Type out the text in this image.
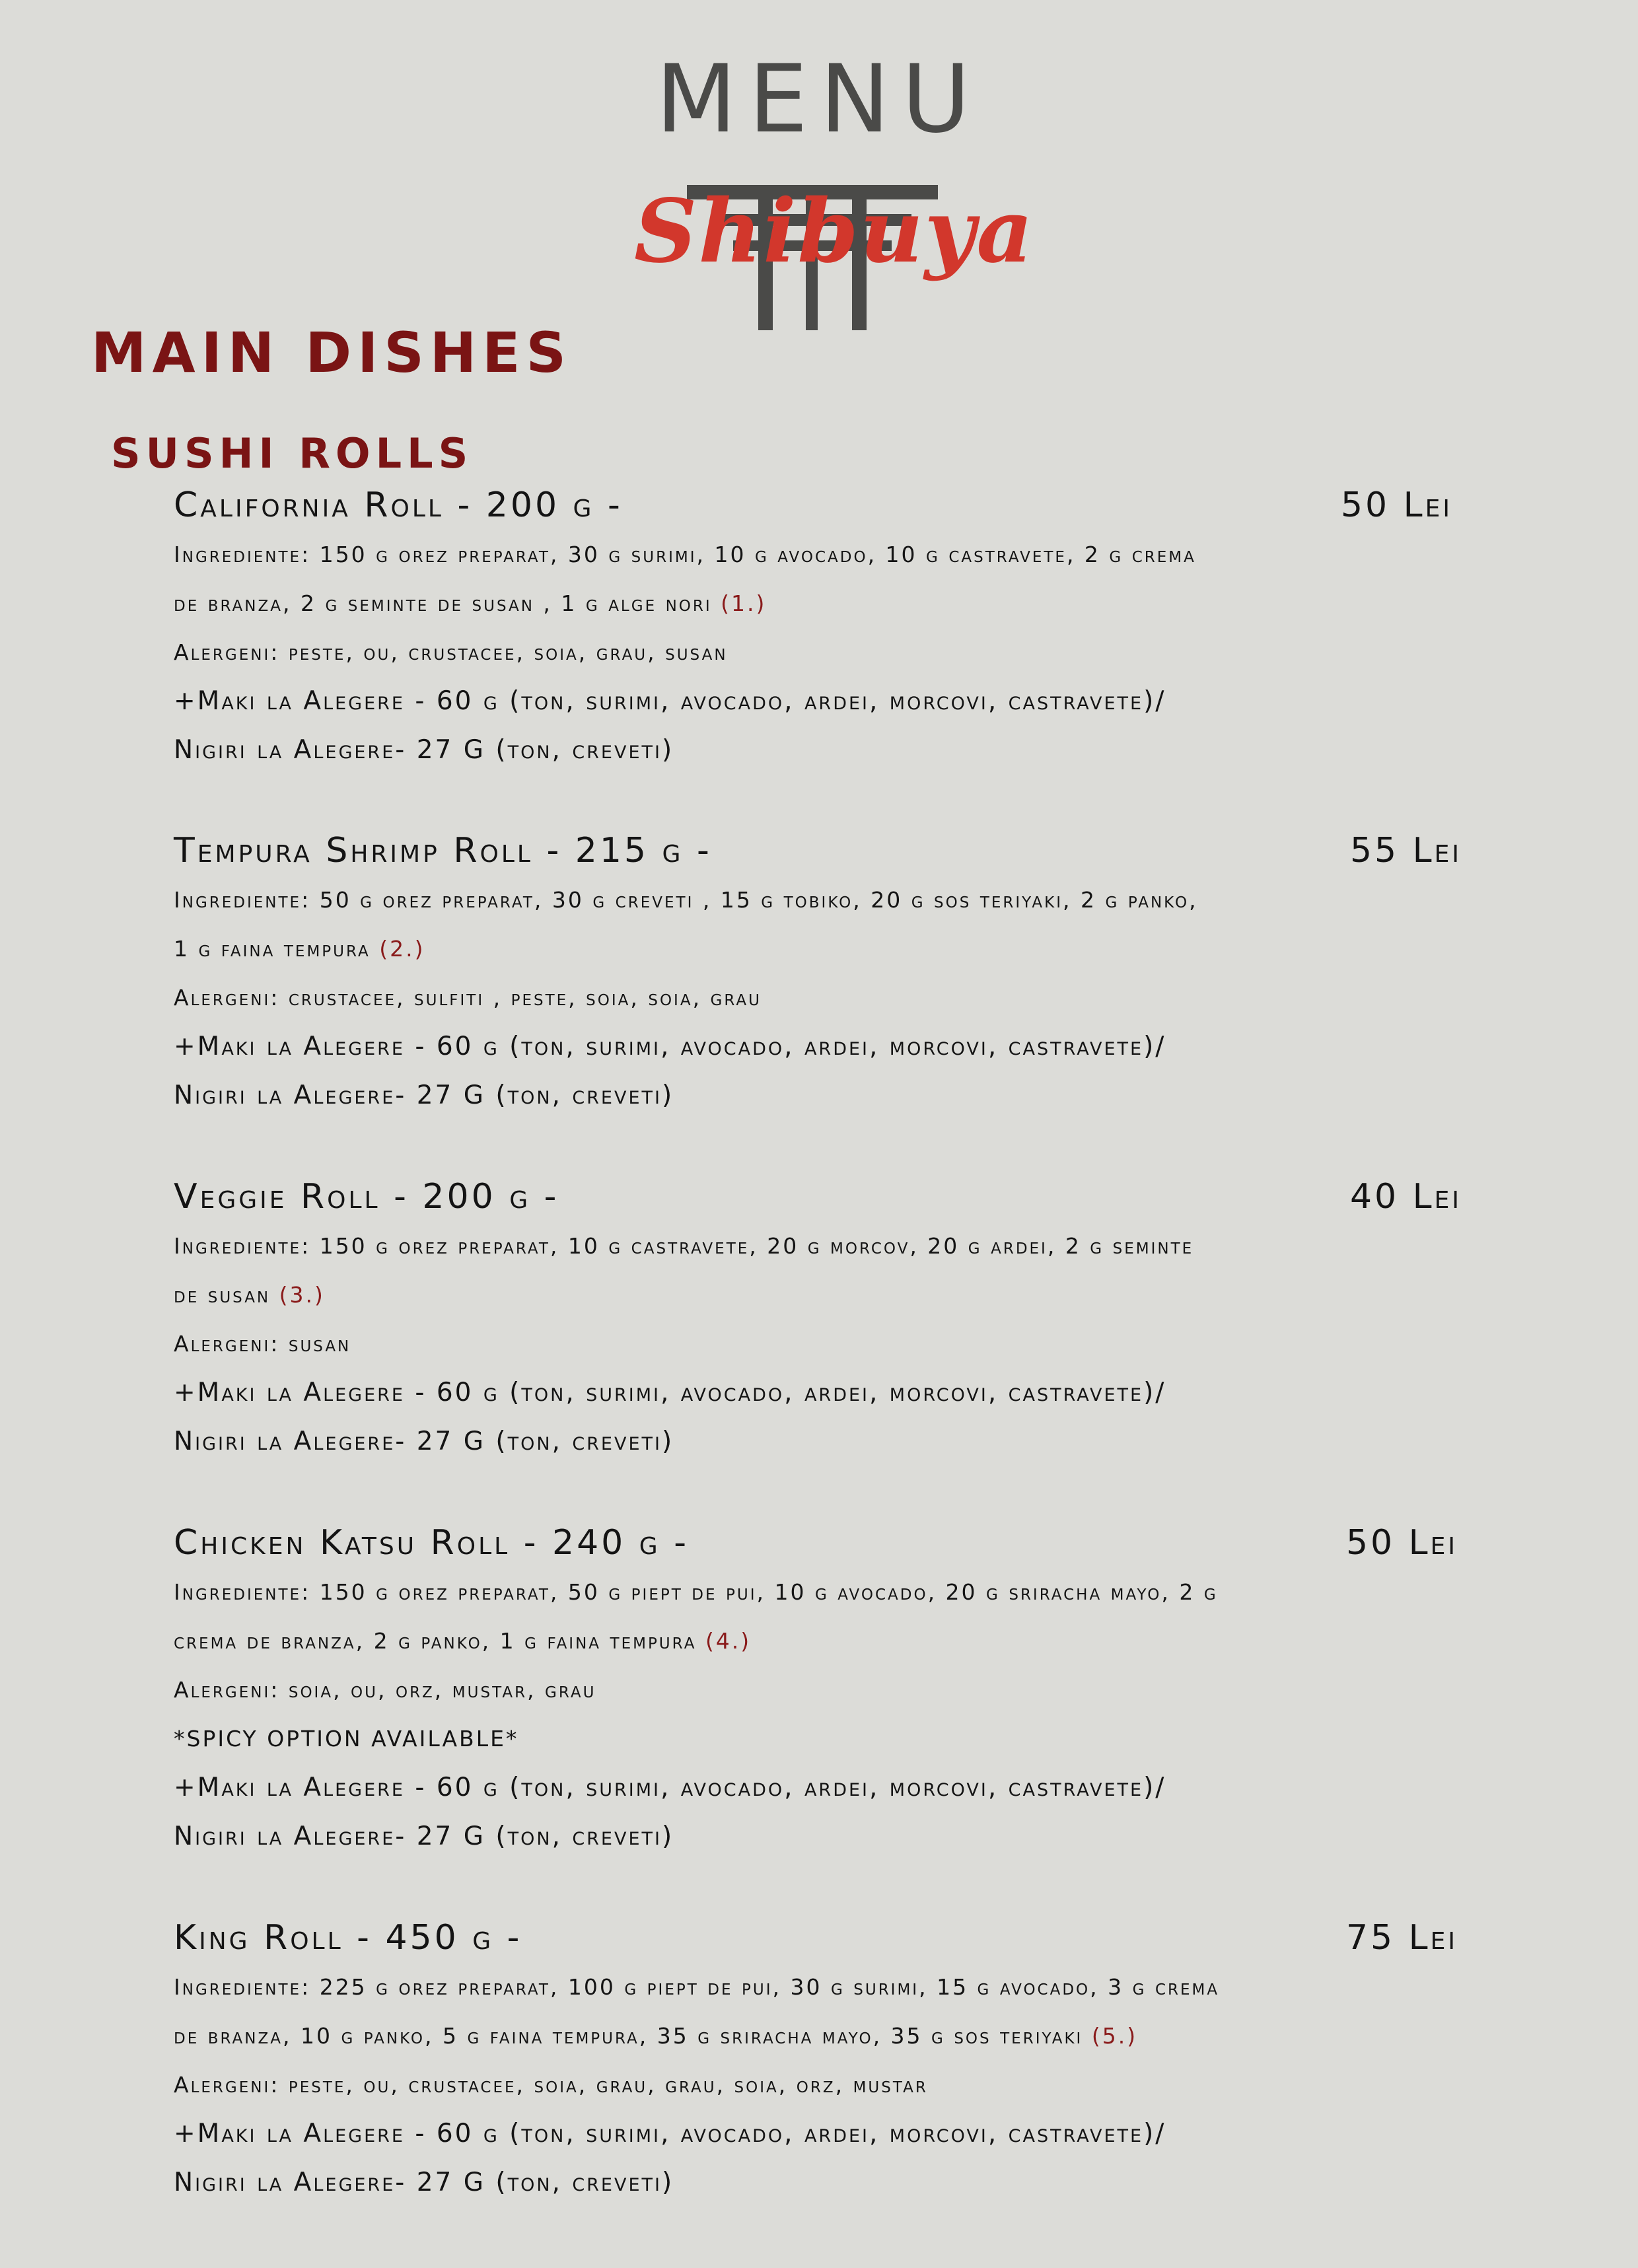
MENU
Shibuya
MAIN DISHES
SUSHI ROLLS
California Roll - 200 g -	50 Lei
Ingrediente: 150 g orez preparat, 30 g surimi, 10 g avocado, 10 g castravete, 2 g crema
de branza, 2 g seminte de susan , 1 g alge nori (1.)
Alergeni: peste, ou, crustacee, soia, grau, susan
+Maki la Alegere - 60 g (ton, surimi, avocado, ardei, morcovi, castravete)/
Nigiri la Alegere- 27 G (ton, creveti)
Tempura Shrimp Roll - 215 g -	55 Lei
Ingrediente: 50 g orez preparat, 30 g creveti , 15 g tobiko, 20 g sos teriyaki, 2 g panko,
1 g faina tempura (2.)
Alergeni: crustacee, sulfiti , peste, soia, soia, grau
+Maki la Alegere - 60 g (ton, surimi, avocado, ardei, morcovi, castravete)/
Nigiri la Alegere- 27 G (ton, creveti)
Veggie Roll - 200 g -	40 Lei
Ingrediente: 150 g orez preparat, 10 g castravete, 20 g morcov, 20 g ardei, 2 g seminte
de susan (3.)
Alergeni: susan
+Maki la Alegere - 60 g (ton, surimi, avocado, ardei, morcovi, castravete)/
Nigiri la Alegere- 27 G (ton, creveti)
Chicken Katsu Roll - 240 g -	50 Lei
Ingrediente: 150 g orez preparat, 50 g piept de pui, 10 g avocado, 20 g sriracha mayo, 2 g
crema de branza, 2 g panko, 1 g faina tempura (4.)
Alergeni: soia, ou, orz, mustar, grau
*SPICY OPTION AVAILABLE*
+Maki la Alegere - 60 g (ton, surimi, avocado, ardei, morcovi, castravete)/
Nigiri la Alegere- 27 G (ton, creveti)
King Roll - 450 g -	75 Lei
Ingrediente: 225 g orez preparat, 100 g piept de pui, 30 g surimi, 15 g avocado, 3 g crema
de branza, 10 g panko, 5 g faina tempura, 35 g sriracha mayo, 35 g sos teriyaki (5.)
Alergeni: peste, ou, crustacee, soia, grau, grau, soia, orz, mustar
+Maki la Alegere - 60 g (ton, surimi, avocado, ardei, morcovi, castravete)/
Nigiri la Alegere- 27 G (ton, creveti)
